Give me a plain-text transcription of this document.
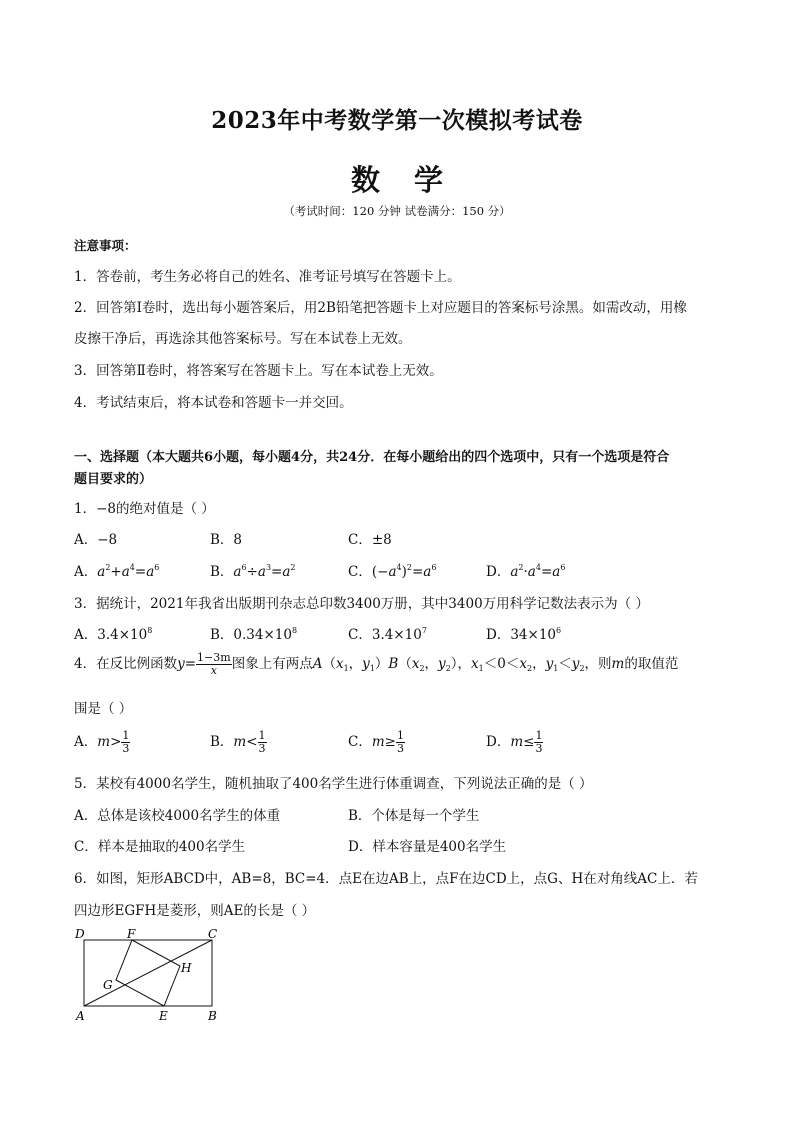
2023年中考数学第一次模拟考试卷
数 学
（考试时间：120 分钟 试卷满分：150 分）
注意事项：
1．答卷前，考生务必将自己的姓名、准考证号填写在答题卡上。
2．回答第Ⅰ卷时，选出每小题答案后，用2B铅笔把答题卡上对应题目的答案标号涂黑。如需改动，用橡
皮擦干净后，再选涂其他答案标号。写在本试卷上无效。
3．回答第Ⅱ卷时，将答案写在答题卡上。写在本试卷上无效。
4．考试结束后，将本试卷和答题卡一并交回。
一、选择题（本大题共6小题，每小题4分，共24分．在每小题给出的四个选项中，只有一个选项是符合
题目要求的）
1．−8的绝对值是（ ）
A．−8	B．8	C．±8
A．$a^2+a^4=a^6$	B．$a^6\div a^3=a^2$	C．$(-a^4)^2=a^6$	D．$a^2\cdot a^4=a^6$
3．据统计，2021年我省出版期刊杂志总印数3400万册，其中3400万用科学记数法表示为（ ）
A．$3.4\times 10^8$	B．$0.34\times 10^8$	C．$3.4\times 10^7$	D．$34\times 10^6$
4．在反比例函数$y= \frac{1-3m}{x}$ 图象上有两点$A(x_1$，$y_1)B(x_2$，$y_2$），$x_1<0<x_2$，$y_1<y_2$，则m的取值范
围是（ ）
A．$m> \frac{1}{3}$	B．$m< \frac{1}{3}$	C．$m\ge \frac{1}{3}$	D．$m\le \frac{1}{3}$
5．某校有4000名学生，随机抽取了400名学生进行体重调查，下列说法正确的是（ ）
A．总体是该校4000名学生的体重	B．个体是每一个学生
C．样本是抽取的400名学生	D．样本容量是400名学生
6．如图，矩形ABCD中，AB=8，BC=4．点E在边AB上，点F在边CD上，点G、H在对角线AC上．若
四边形EGFH是菱形，则AE的长是（ ）
D	F	C
H
G
A	E	B
